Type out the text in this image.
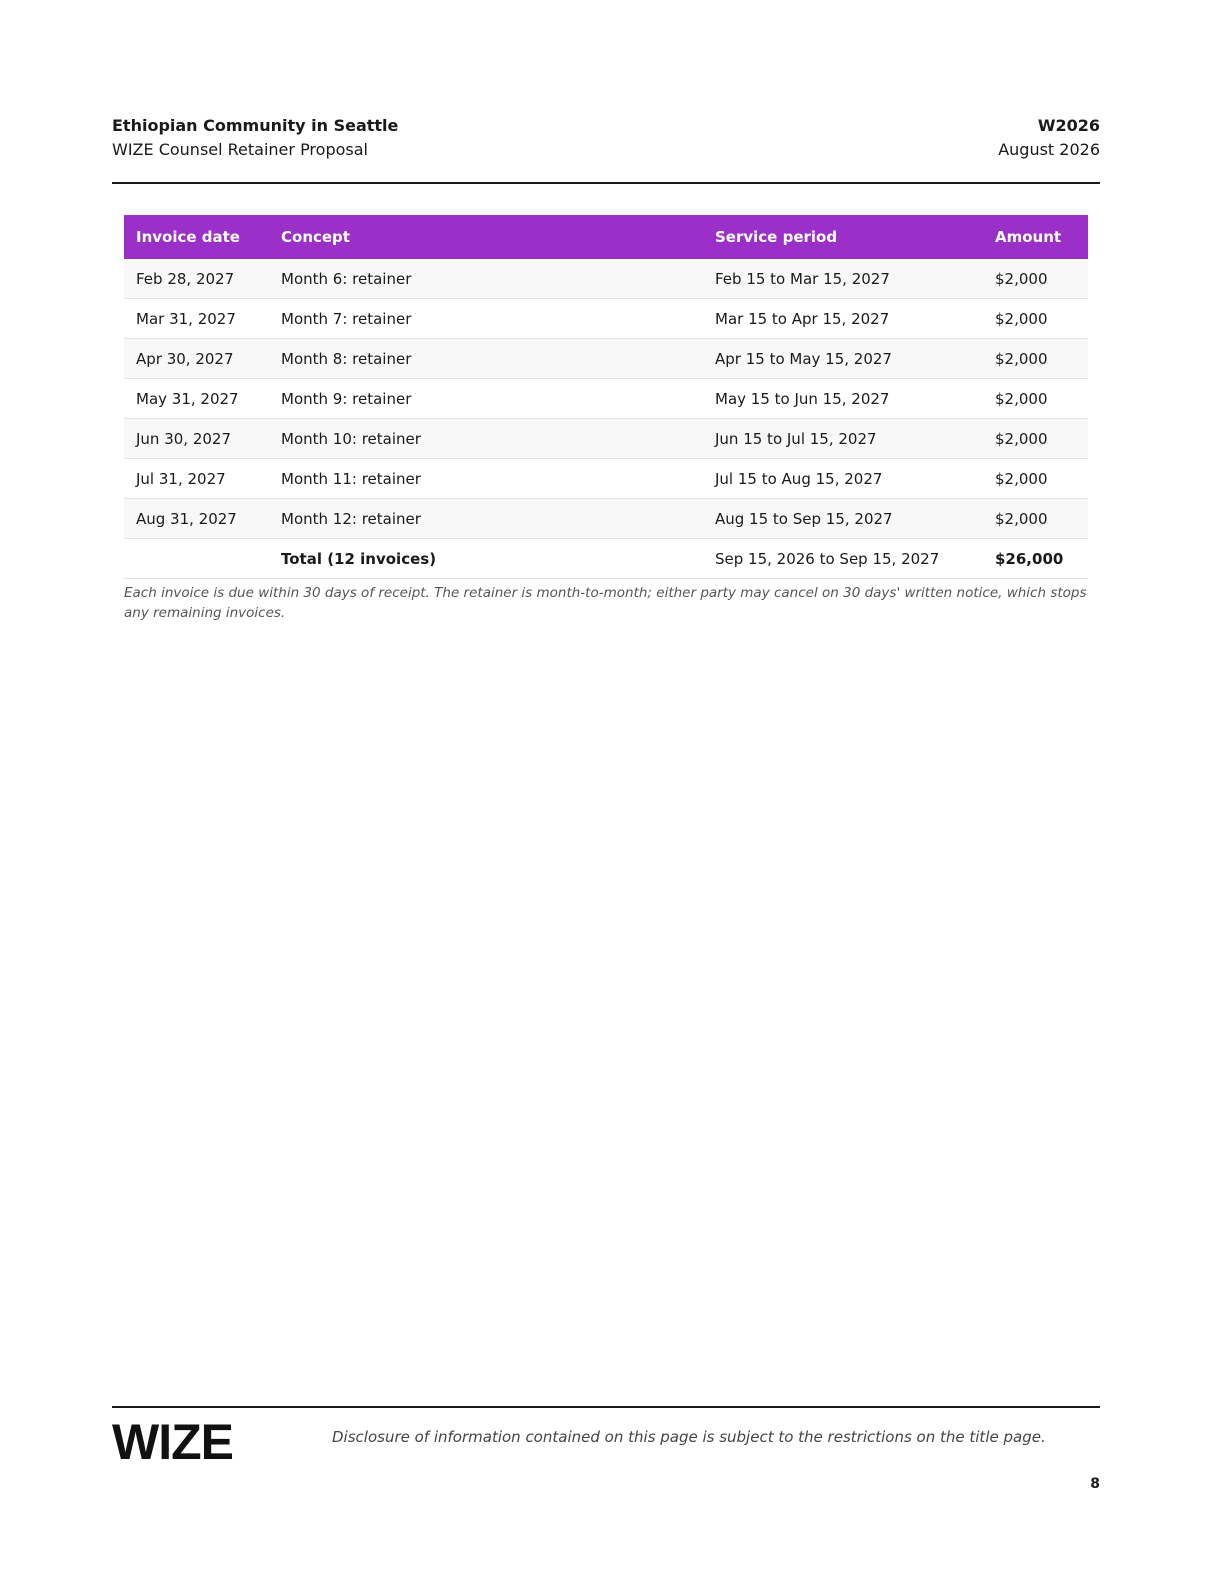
Ethiopian Community in Seattle
WIZE Counsel Retainer Proposal
W2026
August 2026
Invoice date	Concept	Service period	Amount
Feb 28, 2027	Month 6: retainer	Feb 15 to Mar 15, 2027	$2,000
Mar 31, 2027	Month 7: retainer	Mar 15 to Apr 15, 2027	$2,000
Apr 30, 2027	Month 8: retainer	Apr 15 to May 15, 2027	$2,000
May 31, 2027	Month 9: retainer	May 15 to Jun 15, 2027	$2,000
Jun 30, 2027	Month 10: retainer	Jun 15 to Jul 15, 2027	$2,000
Jul 31, 2027	Month 11: retainer	Jul 15 to Aug 15, 2027	$2,000
Aug 31, 2027	Month 12: retainer	Aug 15 to Sep 15, 2027	$2,000
	Total (12 invoices)	Sep 15, 2026 to Sep 15, 2027	$26,000
Each invoice is due within 30 days of receipt. The retainer is month-to-month; either party may cancel on 30 days' written notice, which stops any remaining invoices.
WIZE	Disclosure of information contained on this page is subject to the restrictions on the title page.
8
